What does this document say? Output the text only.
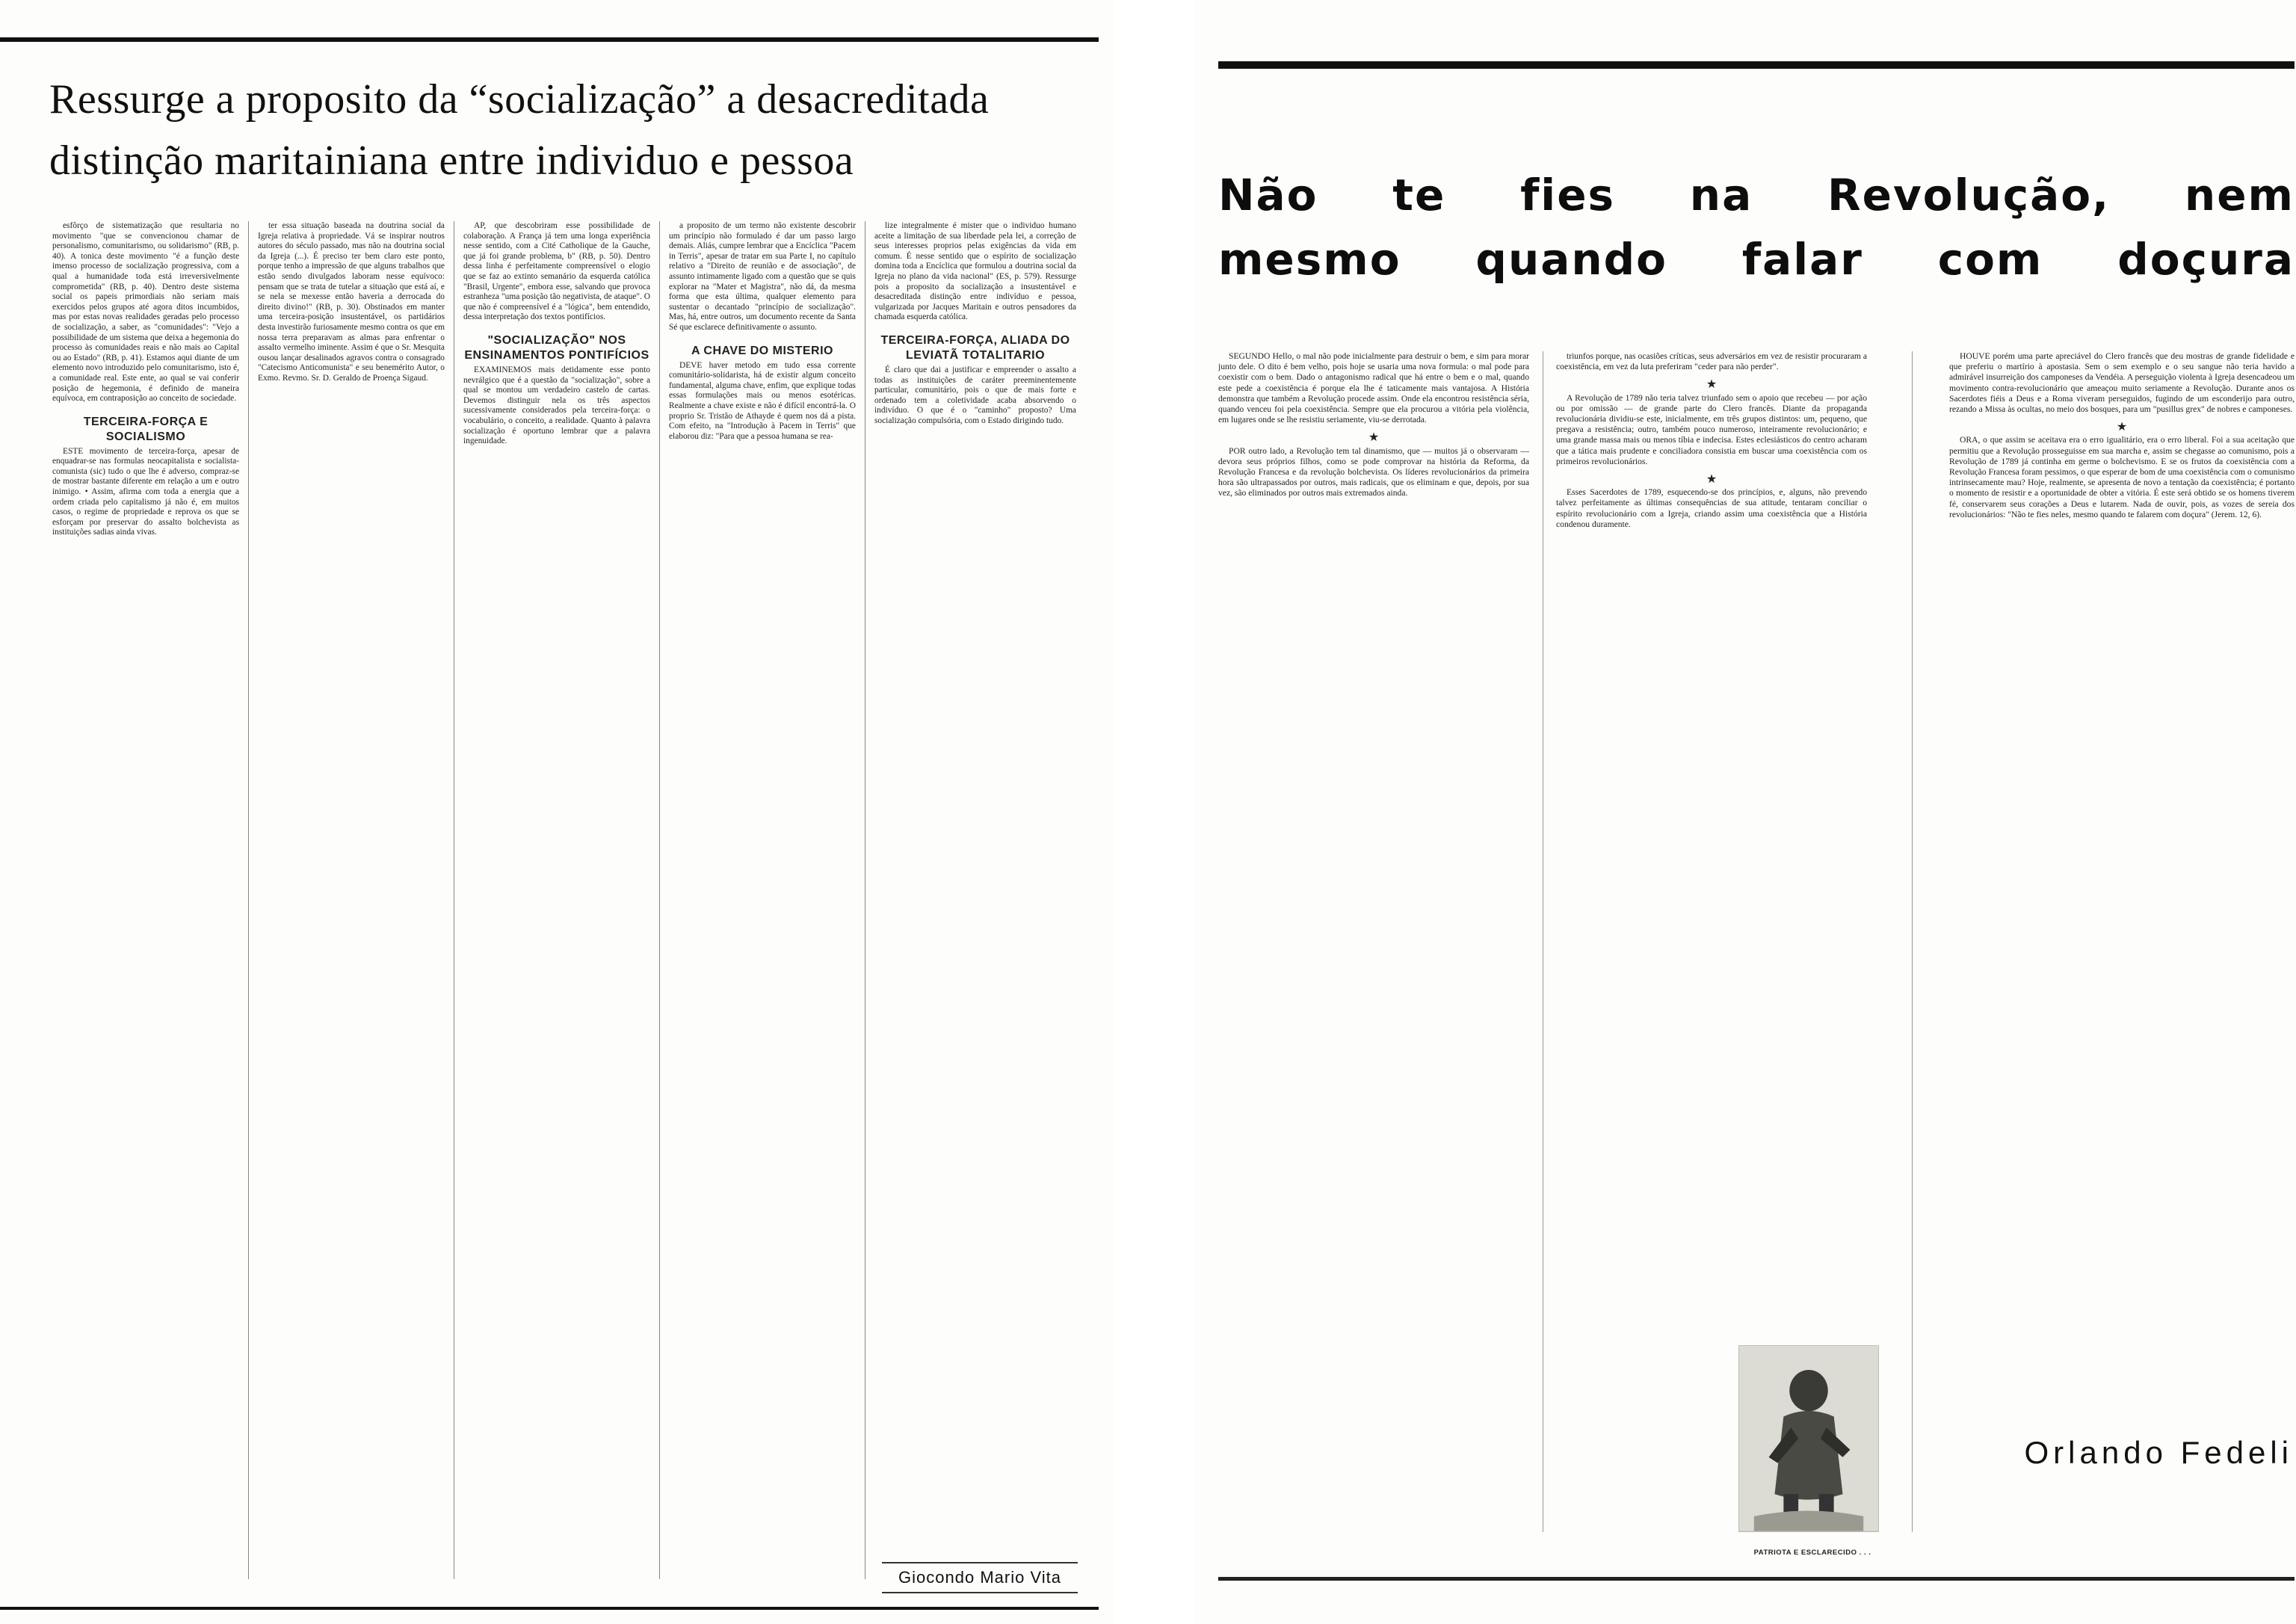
Ressurge a proposito da “socialização” a desacreditada
distinção maritainiana entre individuo e pessoa

esfôrço de sistematização que resultaria no movimento "que se convencionou chamar de personalismo, comunitarismo, ou solidarismo" (RB, p. 40). A tonica deste movimento "é a função deste imenso processo de socialização progressiva, com a qual a humanidade toda está irreversivelmente comprometida" (RB, p. 40). Dentro deste sistema social os papeis primordiais não seriam mais exercidos pelos grupos até agora ditos incumbidos, mas por estas novas realidades geradas pelo processo de socialização, a saber, as "comunidades": "Vejo a possibilidade de um sistema que deixa a hegemonia do processo às comunidades reais e não mais ao Capital ou ao Estado" (RB, p. 41). Estamos aqui diante de um elemento novo introduzido pelo comunitarismo, isto é, a comunidade real. Este ente, ao qual se vai conferir posição de hegemonia, é definido de maneira equívoca, em contraposição ao conceito de sociedade.

TERCEIRA-FORÇA E SOCIALISMO

ESTE movimento de terceira-força, apesar de enquadrar-se nas formulas neocapitalista e socialista-comunista (sic) tudo o que lhe é adverso, compraz-se de mostrar bastante diferente em relação a um e outro inimigo. • Assim, afirma com toda a energia que a ordem criada pelo capitalismo já não é, em muitos casos, o regime de propriedade e reprova os que se esforçam por preservar do assalto bolchevista as instituições sadias ainda vivas.

ter essa situação baseada na doutrina social da Igreja relativa à propriedade. Vá se inspirar noutros autores do século passado, mas não na doutrina social da Igreja (...). É preciso ter bem claro este ponto, porque tenho a impressão de que alguns trabalhos que estão sendo divulgados laboram nesse equívoco: pensam que se trata de tutelar a situação que está aí, e se nela se mexesse então haveria a derrocada do direito divino!" (RB, p. 30). Obstinados em manter uma terceira-posição insustentável, os partidários desta investirão furiosamente mesmo contra os que em nossa terra preparavam as almas para enfrentar o assalto vermelho iminente. Assim é que o Sr. Mesquita ousou lançar desalinados agravos contra o consagrado "Catecismo Anticomunista" e seu benemérito Autor, o Exmo. Revmo. Sr. D. Geraldo de Proença Sigaud.

AP, que descobriram esse possibilidade de colaboração. A França já tem uma longa experiência nesse sentido, com a Cité Catholique de la Gauche, que já foi grande problema, b" (RB, p. 50). Dentro dessa linha é perfeitamente compreensível o elogio que se faz ao extinto semanário da esquerda católica "Brasil, Urgente", embora esse, salvando que provoca estranheza "uma posição tão negativista, de ataque". O que não é compreensível é a "lógica", bem entendido, dessa interpretação dos textos pontifícios.

"SOCIALIZAÇÃO" NOS ENSINAMENTOS PONTIFÍCIOS

EXAMINEMOS mais detidamente esse ponto nevrálgico que é a questão da "socialização", sobre a qual se montou um verdadeiro castelo de cartas. Devemos distinguir nela os três aspectos sucessivamente considerados pela terceira-força: o vocabulário, o conceito, a realidade. Quanto à palavra socialização é oportuno lembrar que a palavra ingenuidade.

a proposito de um termo não existente descobrir um princípio não formulado é dar um passo largo demais. Aliás, cumpre lembrar que a Encíclica "Pacem in Terris", apesar de tratar em sua Parte I, no capítulo relativo a "Direito de reunião e de associação", de assunto intimamente ligado com a questão que se quis explorar na "Mater et Magistra", não dá, da mesma forma que esta última, qualquer elemento para sustentar o decantado "princípio de socialização". Mas, há, entre outros, um documento recente da Santa Sé que esclarece definitivamente o assunto.

A CHAVE DO MISTERIO

DEVE haver metodo em tudo essa corrente comunitário-solidarista, há de existir algum conceito fundamental, alguma chave, enfim, que explique todas essas formulações mais ou menos esotéricas. Realmente a chave existe e não é difícil encontrá-la. O proprio Sr. Tristão de Athayde é quem nos dá a pista. Com efeito, na "Introdução à Pacem in Terris" que elaborou diz: "Para que a pessoa humana se rea-

lize integralmente é mister que o individuo humano aceite a limitação de sua liberdade pela lei, a correção de seus interesses proprios pelas exigências da vida em comum. É nesse sentido que o espírito de socialização domina toda a Encíclica que formulou a doutrina social da Igreja no plano da vida nacional" (ES, p. 579). Ressurge pois a proposito da socialização a insustentável e desacreditada distinção entre indivíduo e pessoa, vulgarizada por Jacques Maritain e outros pensadores da chamada esquerda católica.

TERCEIRA-FORÇA, ALIADA DO LEVIATÃ TOTALITARIO

É claro que dai a justificar e empreender o assalto a todas as instituições de caráter preeminentemente particular, comunitário, pois o que de mais forte e ordenado tem a coletividade acaba absorvendo o indivíduo. O que é o "caminho" proposto? Uma socialização compulsória, com o Estado dirigindo tudo.

Giocondo Mario Vita
Não te fies na Revolução, nem
mesmo quando falar com doçura

SEGUNDO Hello, o mal não pode inicialmente para destruir o bem, e sim para morar junto dele. O dito é bem velho, pois hoje se usaria uma nova formula: o mal pode para coexistir com o bem. Dado o antagonismo radical que há entre o bem e o mal, quando este pede a coexistência é porque ela lhe é taticamente mais vantajosa. A História demonstra que também a Revolução procede assim. Onde ela encontrou resistência séria, quando venceu foi pela coexistência. Sempre que ela procurou a vitória pela violência, em lugares onde se lhe resistiu seriamente, viu-se derrotada.

★

POR outro lado, a Revolução tem tal dinamismo, que — muitos já o observaram — devora seus próprios filhos, como se pode comprovar na história da Reforma, da Revolução Francesa e da revolução bolchevista. Os líderes revolucionários da primeira hora são ultrapassados por outros, mais radicais, que os eliminam e que, depois, por sua vez, são eliminados por outros mais extremados ainda.

triunfos porque, nas ocasiões críticas, seus adversários em vez de resistir procuraram a coexistência, em vez da luta preferiram "ceder para não perder".

★

A Revolução de 1789 não teria talvez triunfado sem o apoio que recebeu — por ação ou por omissão — de grande parte do Clero francês. Diante da propaganda revolucionária dividiu-se este, inicialmente, em três grupos distintos: um, pequeno, que pregava a resistência; outro, também pouco numeroso, inteiramente revolucionário; e uma grande massa mais ou menos tíbia e indecisa. Estes eclesiásticos do centro acharam que a tática mais prudente e conciliadora consistia em buscar uma coexistência com os primeiros revolucionários.

★

Esses Sacerdotes de 1789, esquecendo-se dos princípios, e, alguns, não prevendo talvez perfeitamente as últimas consequências de sua atitude, tentaram conciliar o espírito revolucionário com a Igreja, criando assim uma coexistência que a História condenou duramente.

HOUVE porém uma parte apreciável do Clero francês que deu mostras de grande fidelidade e que preferiu o martírio à apostasia. Sem o sem exemplo e o seu sangue não teria havido a admirável insurreição dos camponeses da Vendéia. A perseguição violenta à Igreja desencadeou um movimento contra-revolucionário que ameaçou muito seriamente a Revolução. Durante anos os Sacerdotes fiéis a Deus e a Roma viveram perseguidos, fugindo de um esconderijo para outro, rezando a Missa às ocultas, no meio dos bosques, para um "pusillus grex" de nobres e camponeses.

★

ORA, o que assim se aceitava era o erro igualitário, era o erro liberal. Foi a sua aceitação que permitiu que a Revolução prosseguisse em sua marcha e, assim se chegasse ao comunismo, pois a Revolução de 1789 já continha em germe o bolchevismo. E se os frutos da coexistência com a Revolução Francesa foram pessimos, o que esperar de bom de uma coexistência com o comunismo intrinsecamente mau? Hoje, realmente, se apresenta de novo a tentação da coexistência; é portanto o momento de resistir e a oportunidade de obter a vitória. É este será obtido se os homens tiverem fé, conservarem seus corações a Deus e lutarem. Nada de ouvir, pois, as vozes de sereia dos revolucionários: "Não te fies neles, mesmo quando te falarem com doçura" (Jerem. 12, 6).

Orlando Fedeli
PATRIOTA E ESCLARECIDO . . .
